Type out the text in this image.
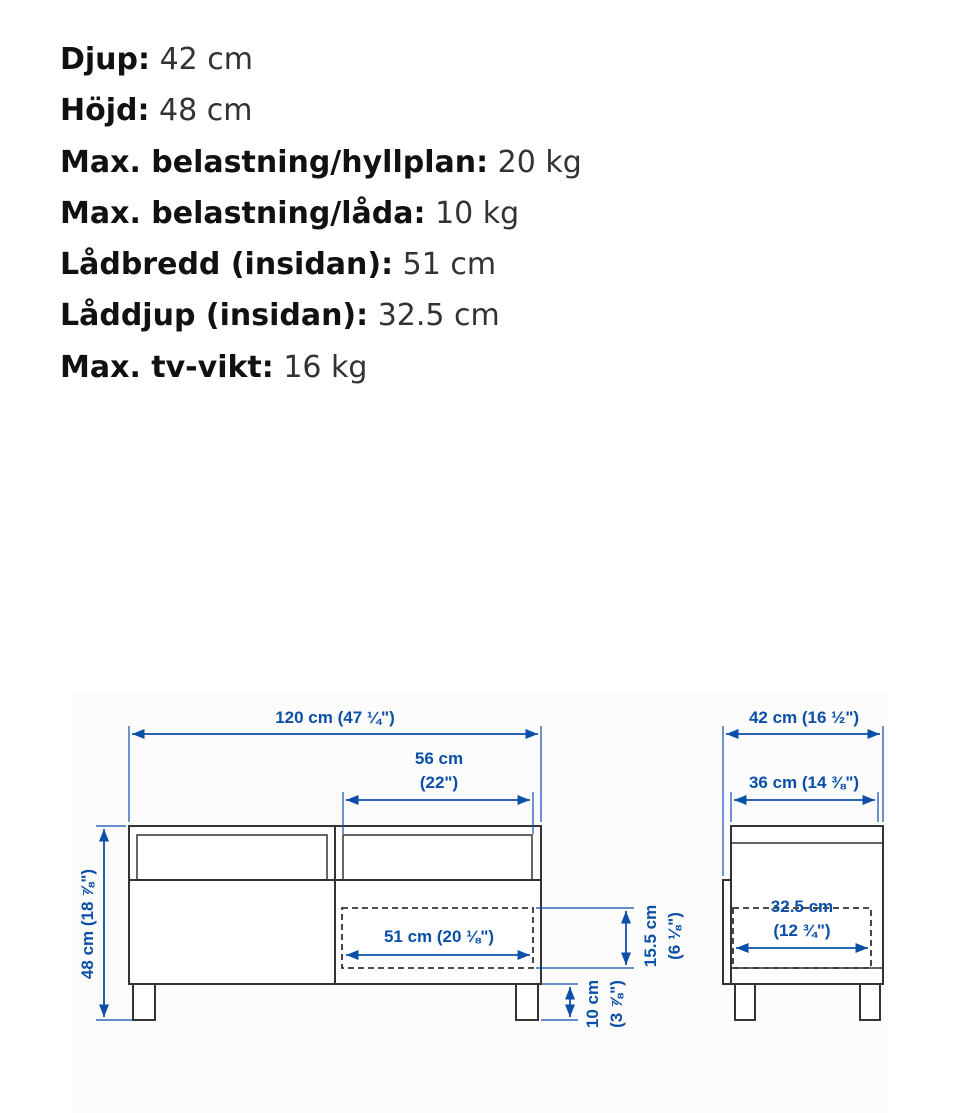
Djup: 42 cm
Höjd: 48 cm
Max. belastning/hyllplan: 20 kg
Max. belastning/låda: 10 kg
Lådbredd (insidan): 51 cm
Låddjup (insidan): 32.5 cm
Max. tv-vikt: 16 kg
120 cm (47 ¼")
56 cm
(22")
51 cm (20 ⅛")
48 cm (18 ⅞")	15.5 cm (6 ⅛")
10 cm (3 ⅞")
42 cm (16 ½")
36 cm (14 ⅜")
32.5 cm
(12 ¾")
